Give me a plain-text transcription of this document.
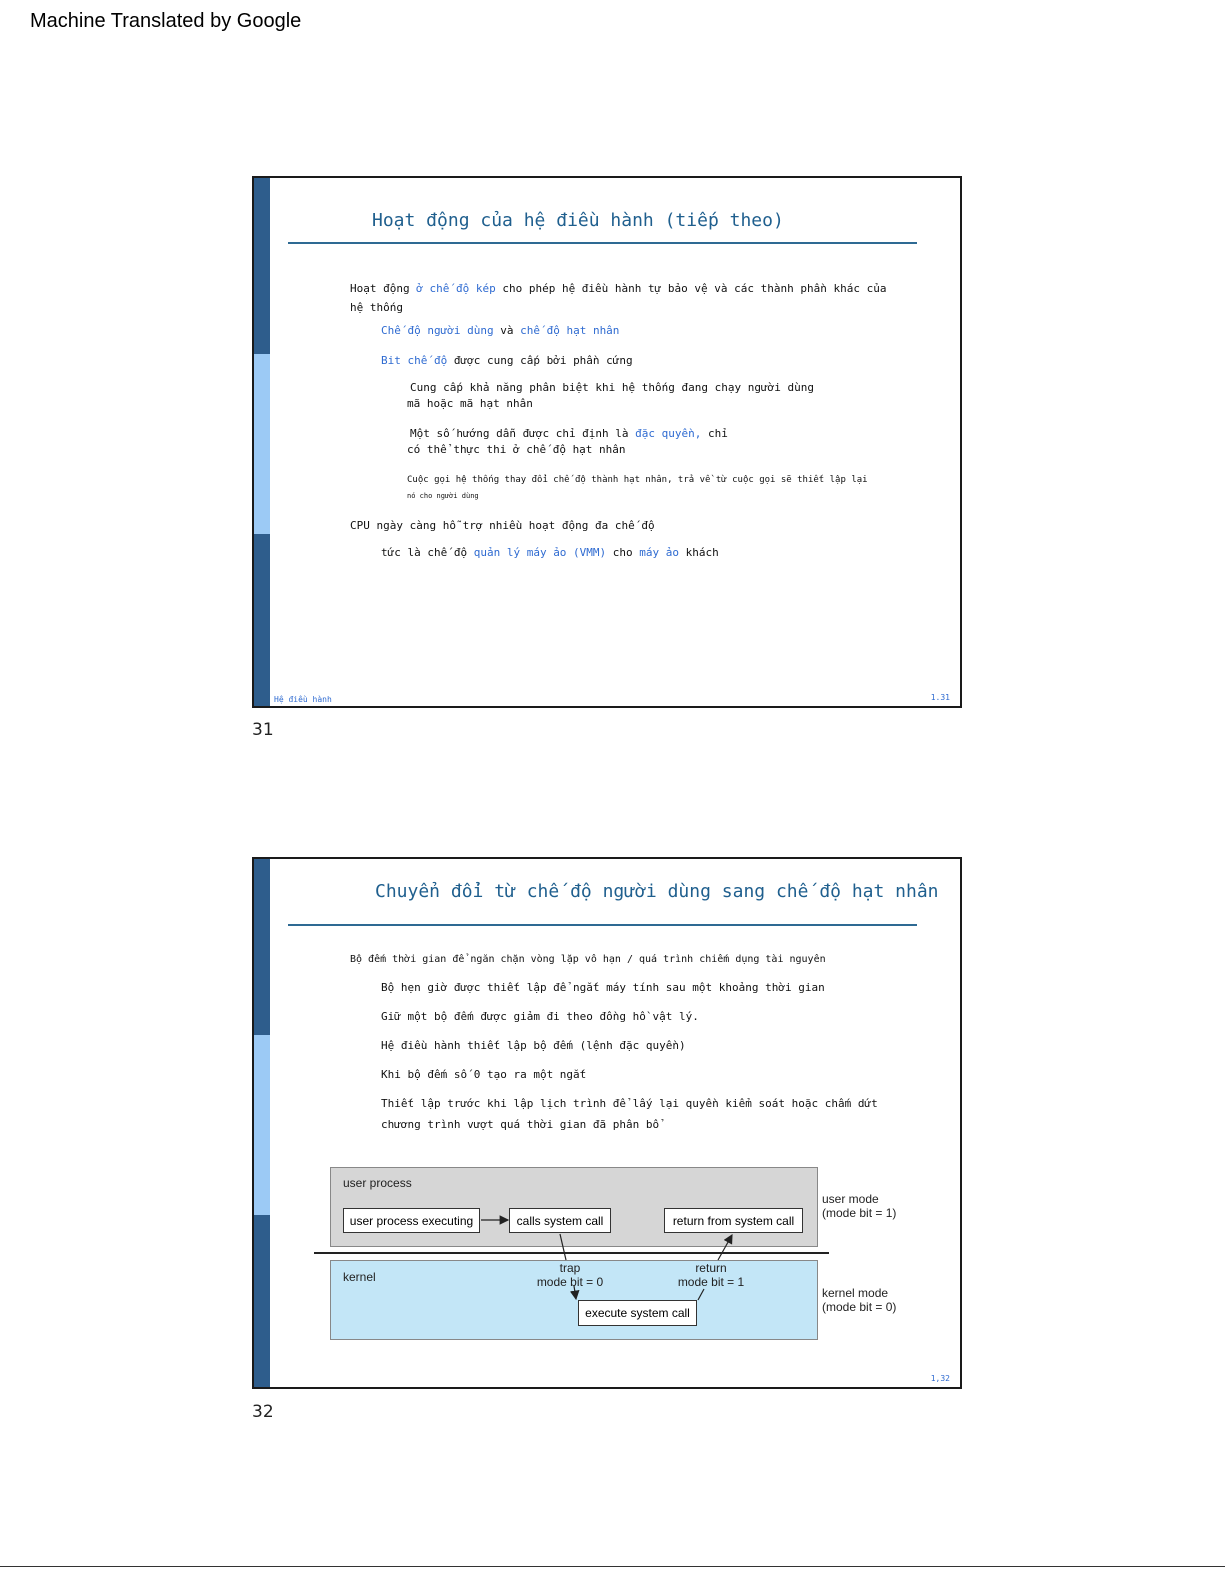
Machine Translated by Google
Hoạt động của hệ điều hành (tiếp theo)
Hoạt động ở chế độ kép cho phép hệ điều hành tự bảo vệ và các thành phần khác của
hệ thống
Chế độ người dùng và chế độ hạt nhân
Bit chế độ được cung cấp bởi phần cứng
Cung cấp khả năng phân biệt khi hệ thống đang chạy người dùng
mã hoặc mã hạt nhân
Một số hướng dẫn được chỉ định là đặc quyền, chỉ
có thể thực thi ở chế độ hạt nhân
Cuộc gọi hệ thống thay đổi chế độ thành hạt nhân, trả về từ cuộc gọi sẽ thiết lập lại
nó cho người dùng
CPU ngày càng hỗ trợ nhiều hoạt động đa chế độ
tức là chế độ quản lý máy ảo (VMM) cho máy ảo khách
Hệ điều hành	1.31
31
Chuyển đổi từ chế độ người dùng sang chế độ hạt nhân
Bộ đếm thời gian để ngăn chặn vòng lặp vô hạn / quá trình chiếm dụng tài nguyên
Bộ hẹn giờ được thiết lập để ngắt máy tính sau một khoảng thời gian
Giữ một bộ đếm được giảm đi theo đồng hồ vật lý.
Hệ điều hành thiết lập bộ đếm (lệnh đặc quyền)
Khi bộ đếm số 0 tạo ra một ngắt
Thiết lập trước khi lập lịch trình để lấy lại quyền kiểm soát hoặc chấm dứt
chương trình vượt quá thời gian đã phân bổ
user process
user process executing	calls system call	return from system call
user mode
(mode bit = 1)
kernel
trap
mode bit = 0
return
mode bit = 1
execute system call
kernel mode
(mode bit = 0)
1,32
32
